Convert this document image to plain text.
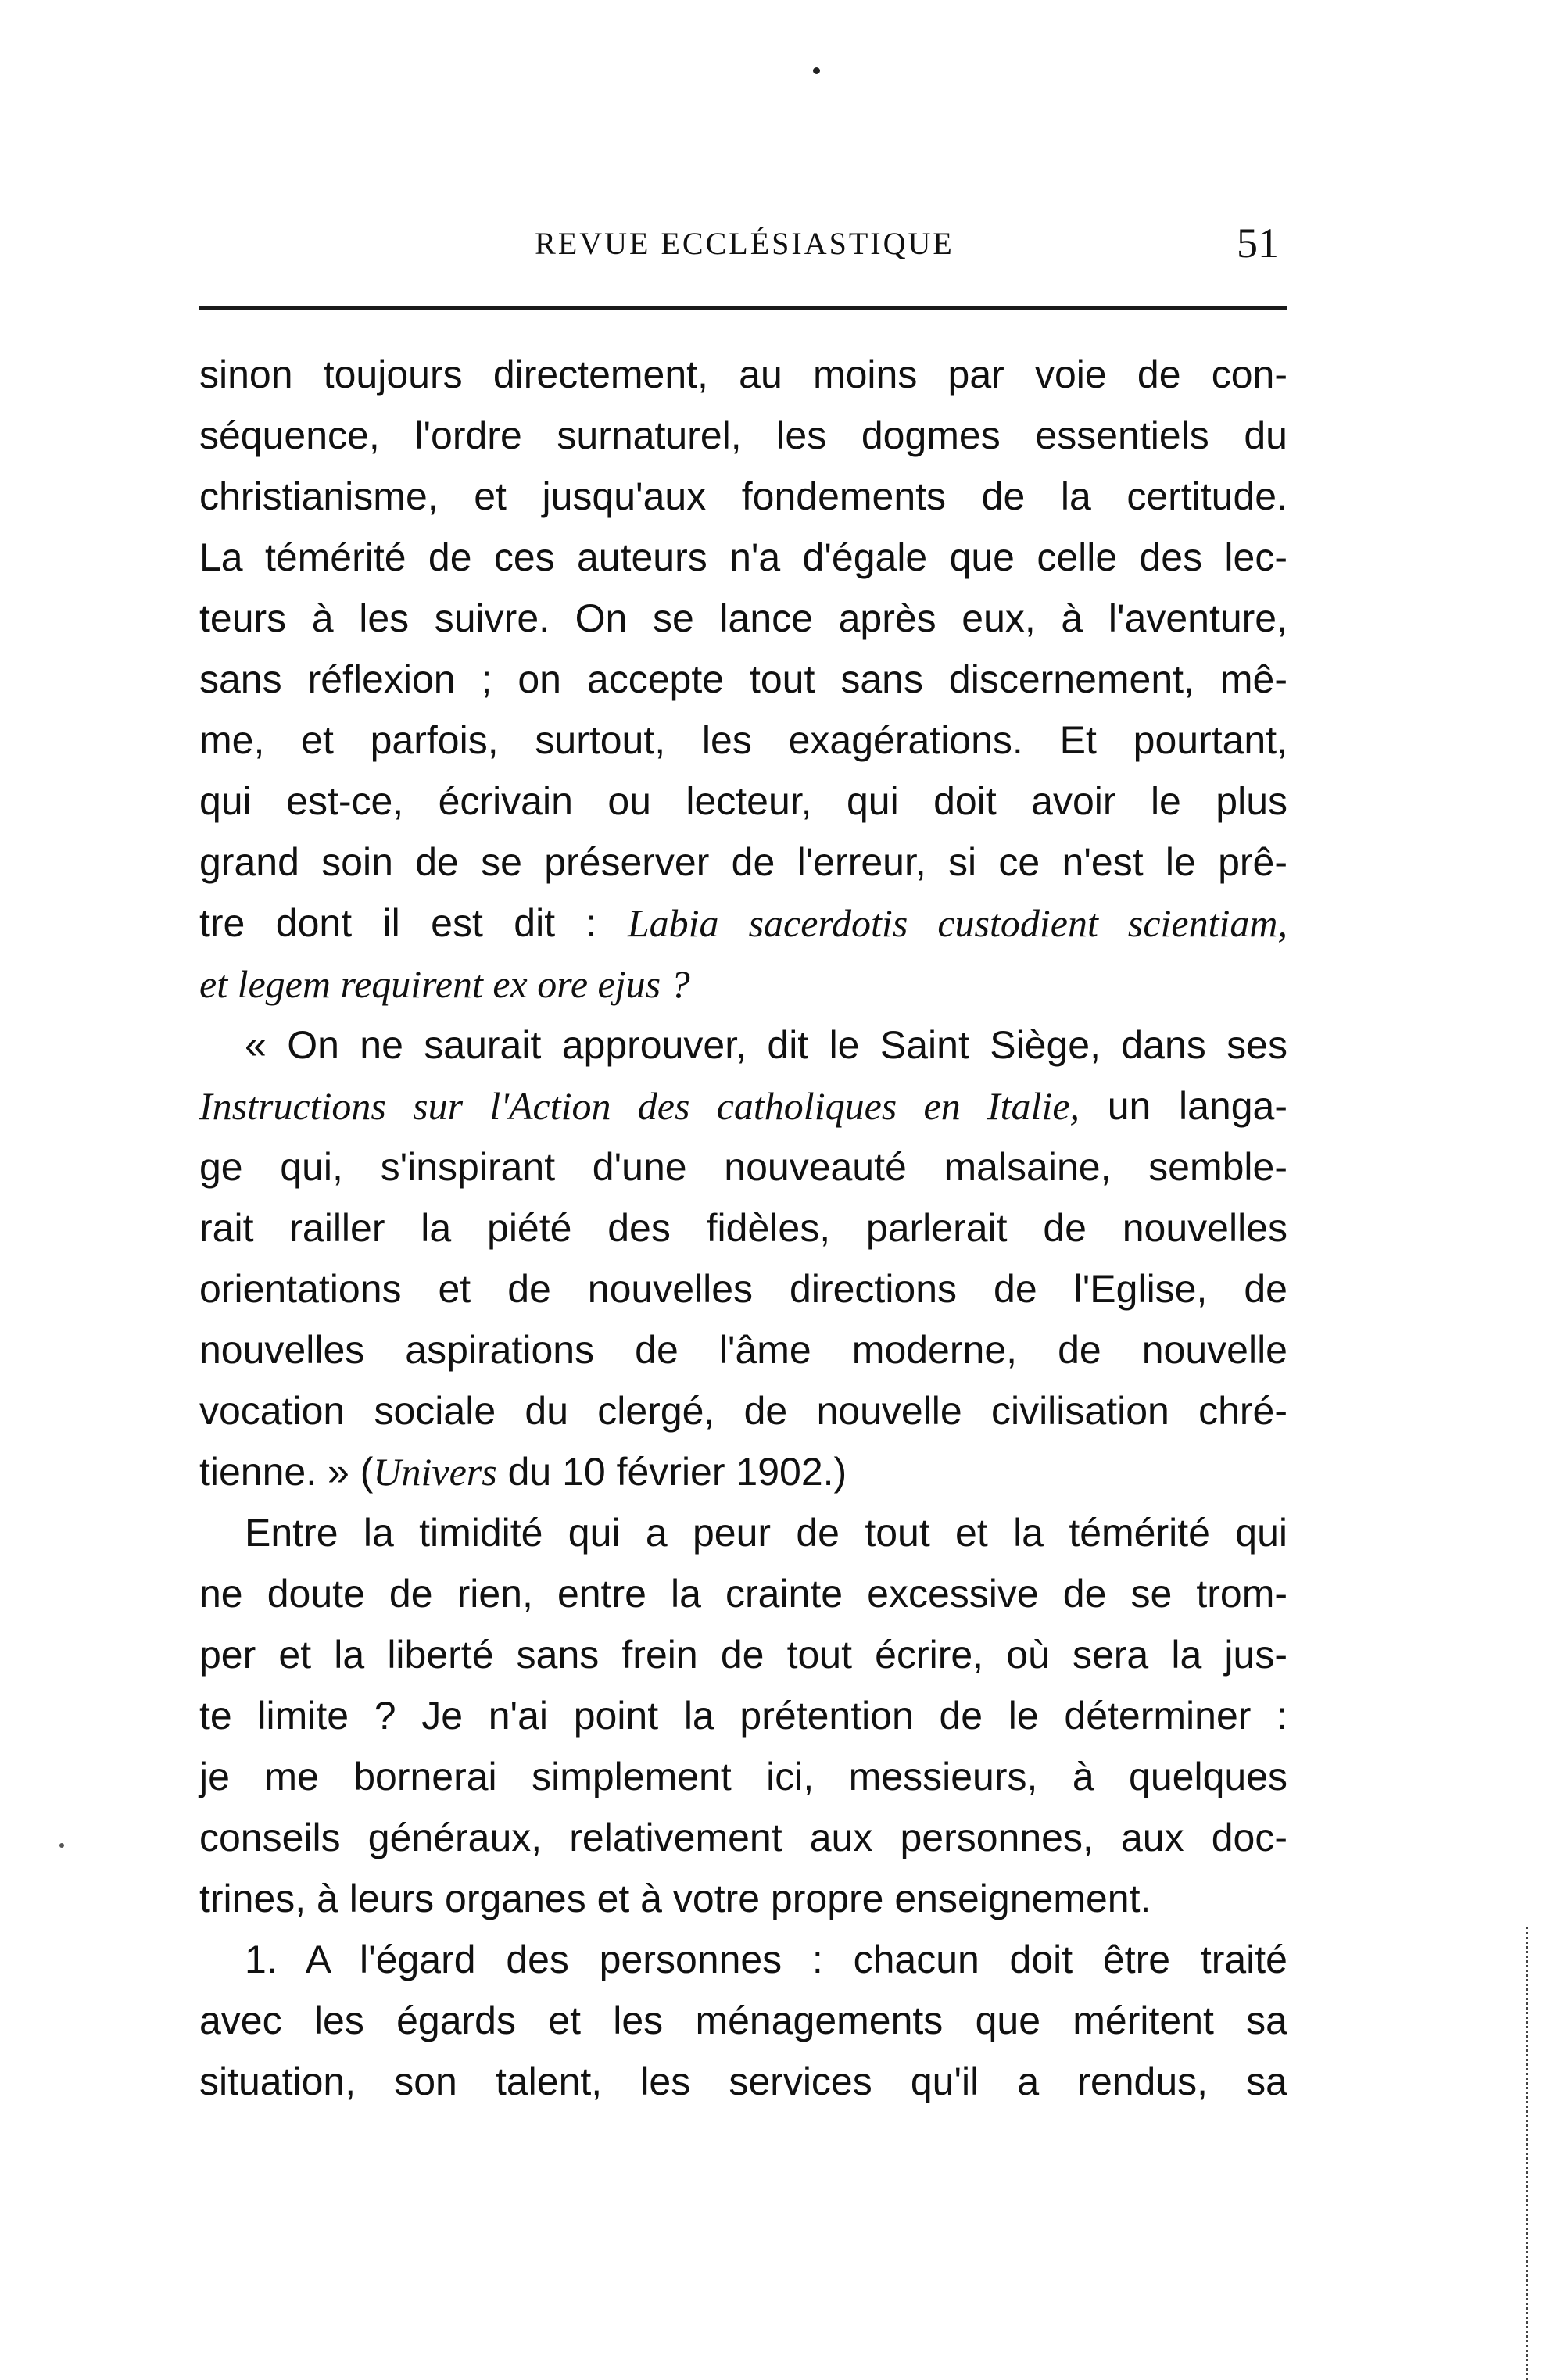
REVUE ECCLÉSIASTIQUE	51
sinon toujours directement, au moins par voie de con-
séquence, l'ordre surnaturel, les dogmes essentiels du
christianisme, et jusqu'aux fondements de la certitude.
La témérité de ces auteurs n'a d'égale que celle des lec-
teurs à les suivre. On se lance après eux, à l'aventure,
sans réflexion ; on accepte tout sans discernement, mê-
me, et parfois, surtout, les exagérations. Et pourtant,
qui est-ce, écrivain ou lecteur, qui doit avoir le plus
grand soin de se préserver de l'erreur, si ce n'est le prê-
tre dont il est dit : Labia sacerdotis custodient scientiam,
et legem requirent ex ore ejus ?
« On ne saurait approuver, dit le Saint Siège, dans ses
Instructions sur l'Action des catholiques en Italie, un langa-
ge qui, s'inspirant d'une nouveauté malsaine, semble-
rait railler la piété des fidèles, parlerait de nouvelles
orientations et de nouvelles directions de l'Eglise, de
nouvelles aspirations de l'âme moderne, de nouvelle
vocation sociale du clergé, de nouvelle civilisation chré-
tienne. » (Univers du 10 février 1902.)
Entre la timidité qui a peur de tout et la témérité qui
ne doute de rien, entre la crainte excessive de se trom-
per et la liberté sans frein de tout écrire, où sera la jus-
te limite ? Je n'ai point la prétention de le déterminer :
je me bornerai simplement ici, messieurs, à quelques
conseils généraux, relativement aux personnes, aux doc-
trines, à leurs organes et à votre propre enseignement.
1. A l'égard des personnes : chacun doit être traité
avec les égards et les ménagements que méritent sa
situation, son talent, les services qu'il a rendus, sa
